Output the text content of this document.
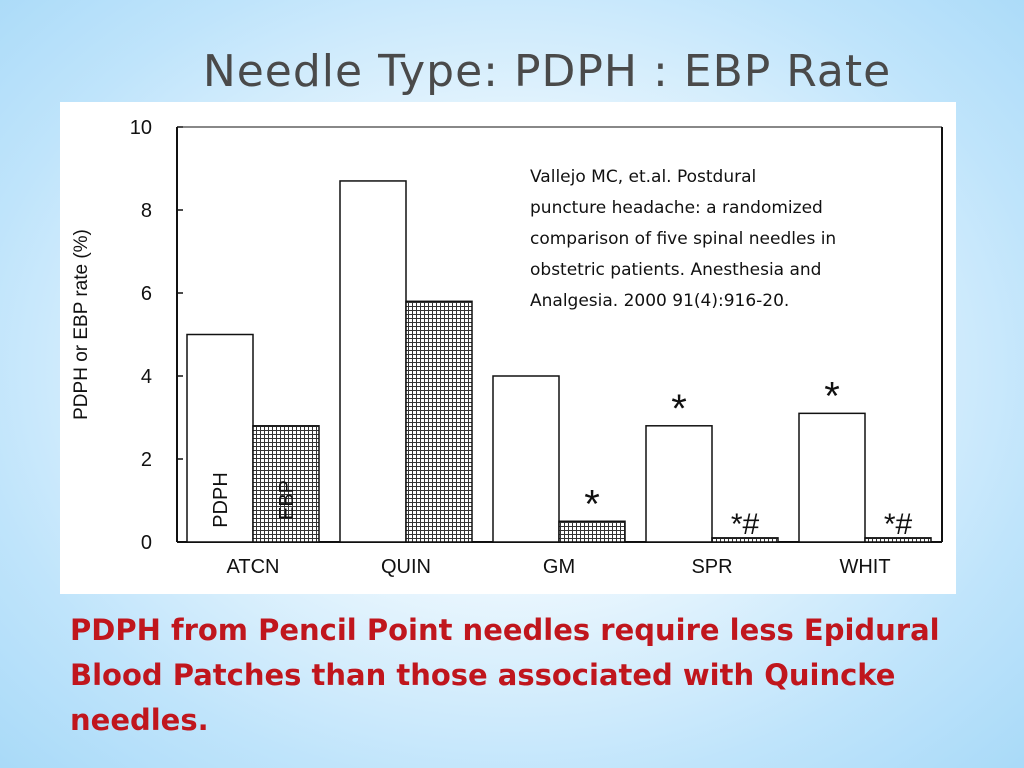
Needle Type: PDPH : EBP Rate
0
2
4
6
8
10
PDPH or EBP rate (%)
ATCN	QUIN	GM	SPR	WHIT
*
*
*#
*
*#
PDPH EBP
Vallejo MC, et.al. Postdural
puncture headache: a randomized
comparison of five spinal needles in
obstetric patients. Anesthesia and
Analgesia. 2000 91(4):916-20.
PDPH from Pencil Point needles require less Epidural Blood Patches than those associated with Quincke needles.
